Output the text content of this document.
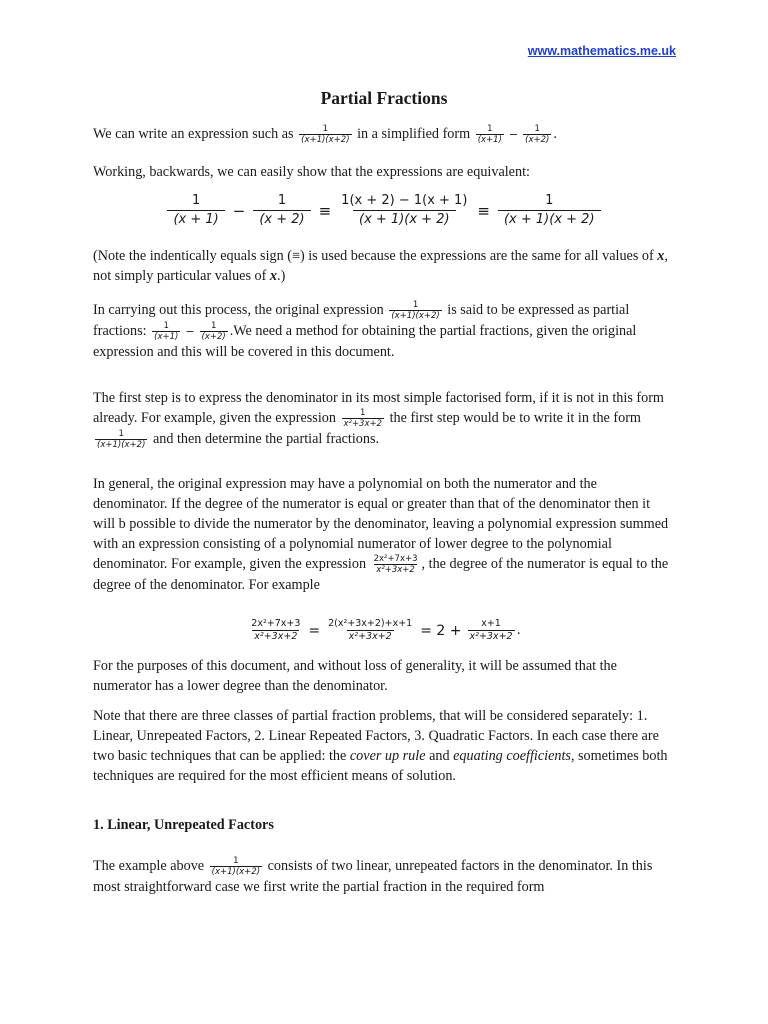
www.mathematics.me.uk
Partial Fractions
We can write an expression such as $\frac{1}{(x+1)(x+2)}$ in a simplified form $\frac{1}{(x+1)} - \frac{1}{(x+2)}$ .
Working, backwards, we can easily show that the expressions are equivalent:
$\frac{1}{(x + 1)} - \frac{1}{(x + 2)} \equiv \frac{1(x + 2) - 1(x + 1)}{(x + 1)(x + 2)} \equiv \frac{1}{(x + 1)(x + 2)}$
(Note the indentically equals sign (≡) is used because the expressions are the same for all values of x, not simply particular values of x.)
In carrying out this process, the original expression $\frac{1}{(x+1)(x+2)}$ is said to be expressed as partial fractions: $\frac{1}{(x+1)} - \frac{1}{(x+2)} .We$ need a method for obtaining the partial fractions, given the original expression and this will be covered in this document.
The first step is to express the denominator in its most simple factorised form, if it is not in this form already. For example, given the expression $\frac{1}{\text{x²+3x+2}}$ the first step would be to write it in the form
$\frac{1}{(x+1)(x+2)}$ and then determine the partial fractions.
In general, the original expression may have a polynomial on both the numerator and the denominator. If the degree of the numerator is equal or greater than that of the denominator then it will b possible to divide the numerator by the denominator, leaving a polynomial expression summed with an expression consisting of a polynomial numerator of lower degree to the polynomial denominator. For example, given the expression $\frac{\text{2x²+7x+3}}{\text{x²+3x+2}}$ , the degree of the numerator is equal to the degree of the denominator. For example
$\frac{\text{2x²+7x+3}}{\text{x²+3x+2}} = \frac{\text{2(x²+3x+2)+x+1}}{\text{x²+3x+2}} = 2 + \frac{x+1}{\text{x²+3x+2}}$ .
For the purposes of this document, and without loss of generality, it will be assumed that the numerator has a lower degree than the denominator.
Note that there are three classes of partial fraction problems, that will be considered separately: 1. Linear, Unrepeated Factors, 2. Linear Repeated Factors, 3. Quadratic Factors. In each case there are two basic techniques that can be applied: the cover up rule and equating coefficients, sometimes both techniques are required for the most efficient means of solution.
1. Linear, Unrepeated Factors
The example above $\frac{1}{(x+1)(x+2)}$ consists of two linear, unrepeated factors in the denominator. In this most straightforward case we first write the partial fraction in the required form
